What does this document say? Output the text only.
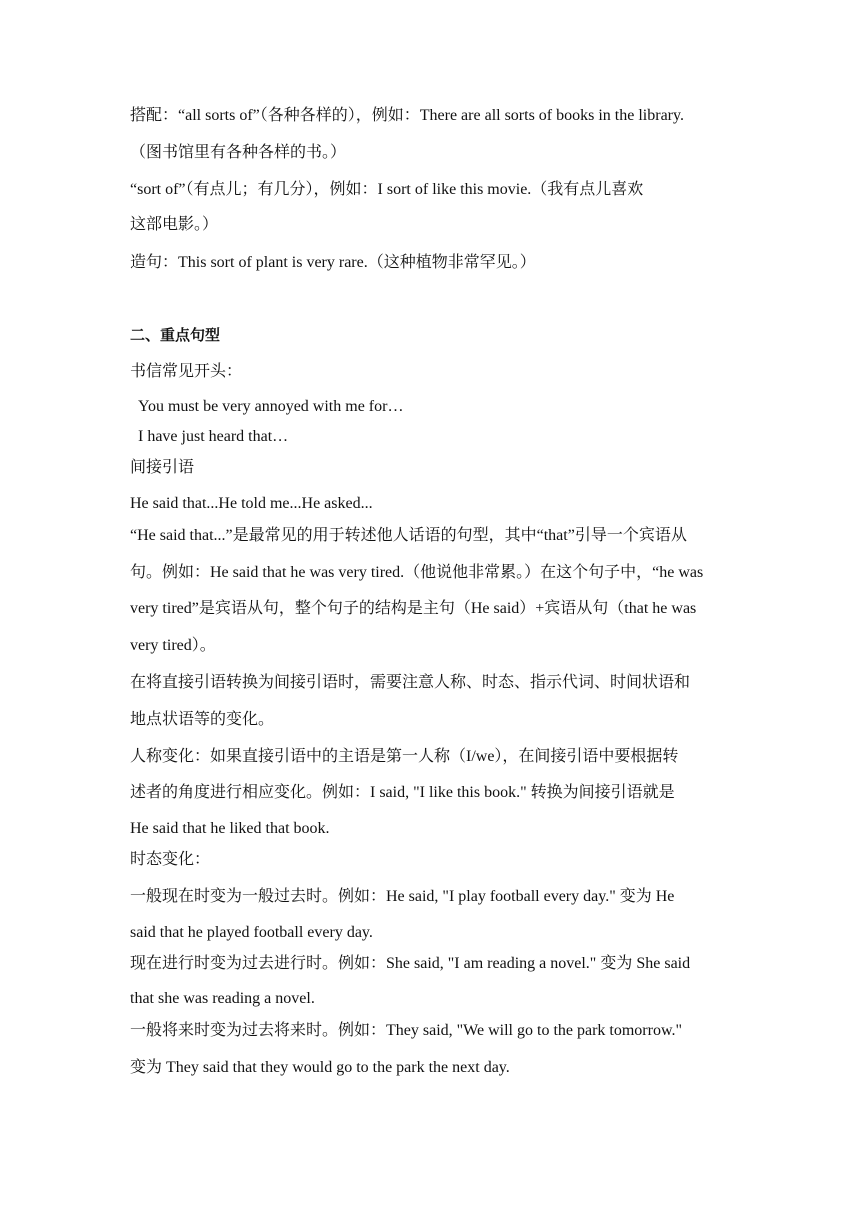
搭配：“all sorts of”（各种各样的），例如：There are all sorts of books in the library.
（图书馆里有各种各样的书。）
“sort of”（有点儿；有几分），例如：I sort of like this movie.（我有点儿喜欢
这部电影。）
造句：This sort of plant is very rare.（这种植物非常罕见。）
二、重点句型
书信常见开头：
You must be very annoyed with me for…
I have just heard that…
间接引语
He said that...He told me...He asked...
“He said that...”是最常见的用于转述他人话语的句型，其中“that”引导一个宾语从
句。例如：He said that he was very tired.（他说他非常累。）在这个句子中，“he was
very tired”是宾语从句，整个句子的结构是主句（He said）+宾语从句（that he was
very tired）。
在将直接引语转换为间接引语时，需要注意人称、时态、指示代词、时间状语和
地点状语等的变化。
人称变化：如果直接引语中的主语是第一人称（I/we），在间接引语中要根据转
述者的角度进行相应变化。例如：I said, "I like this book." 转换为间接引语就是
He said that he liked that book.
时态变化：
一般现在时变为一般过去时。例如：He said, "I play football every day." 变为 He
said that he played football every day.
现在进行时变为过去进行时。例如：She said, "I am reading a novel." 变为 She said
that she was reading a novel.
一般将来时变为过去将来时。例如：They said, "We will go to the park tomorrow."
变为 They said that they would go to the park the next day.
